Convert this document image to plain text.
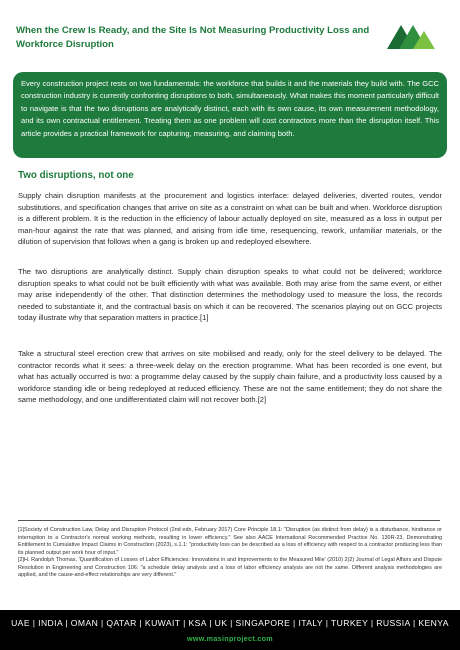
When the Crew Is Ready, and the Site Is Not Measuring Productivity Loss and Workforce Disruption

Every construction project rests on two fundamentals: the workforce that builds it and the materials they build with. The GCC construction industry is currently confronting disruptions to both, simultaneously. What makes this moment particularly difficult to navigate is that the two disruptions are analytically distinct, each with its own cause, its own measurement methodology, and its own contractual entitlement. Treating them as one problem will cost contractors more than the disruption itself. This article provides a practical framework for capturing, measuring, and claiming both.

Two disruptions, not one

Supply chain disruption manifests at the procurement and logistics interface: delayed deliveries, diverted routes, vendor substitutions, and specification changes that arrive on site as a constraint on what can be built and when. Workforce disruption is a different problem. It is the reduction in the efficiency of labour actually deployed on site, measured as a loss in output per man-hour against the rate that was planned, and arising from idle time, resequencing, rework, unfamiliar materials, or the dilution of supervision that follows when a gang is broken up and redeployed elsewhere.

The two disruptions are analytically distinct. Supply chain disruption speaks to what could not be delivered; workforce disruption speaks to what could not be built efficiently with what was available. Both may arise from the same event, or either may arise independently of the other. That distinction determines the methodology used to measure the loss, the records needed to substantiate it, and the contractual basis on which it can be recovered. The scenarios playing out on GCC projects today illustrate why that separation matters in practice.[1]

Take a structural steel erection crew that arrives on site mobilised and ready, only for the steel delivery to be delayed. The contractor records what it sees: a three-week delay on the erection programme. What has been recorded is one event, but what has actually occurred is two: a programme delay caused by the supply chain failure, and a productivity loss caused by a workforce standing idle or being redeployed at reduced efficiency. These are not the same entitlement; they do not share the same methodology, and one undifferentiated claim will not recover both.[2]

[1]Society of Construction Law, Delay and Disruption Protocol (2nd edn, February 2017) Core Principle 18.1: "Disruption (as distinct from delay) is a disturbance, hindrance or interruption to a Contractor's normal working methods, resulting in lower efficiency." See also AACE International Recommended Practice No. 130R-23, Demonstrating Entitlement to Cumulative Impact Claims in Construction (2023), s.1.1: "productivity loss can be described as a loss of efficiency with respect to a contractor producing less than its planned output per work hour of input."

[2]H. Randolph Thomas, 'Quantification of Losses of Labor Efficiencies: Innovations in and Improvements to the Measured Mile' (2010) 2(2) Journal of Legal Affairs and Dispute Resolution in Engineering and Construction 106: "a schedule delay analysis and a loss of labor efficiency analysis are not the same. Different analysis methodologies are applied, and the cause-and-effect relationships are very different."

UAE | INDIA | OMAN | QATAR | KUWAIT | KSA | UK | SINGAPORE | ITALY | TURKEY | RUSSIA | KENYA
www.masinproject.com
